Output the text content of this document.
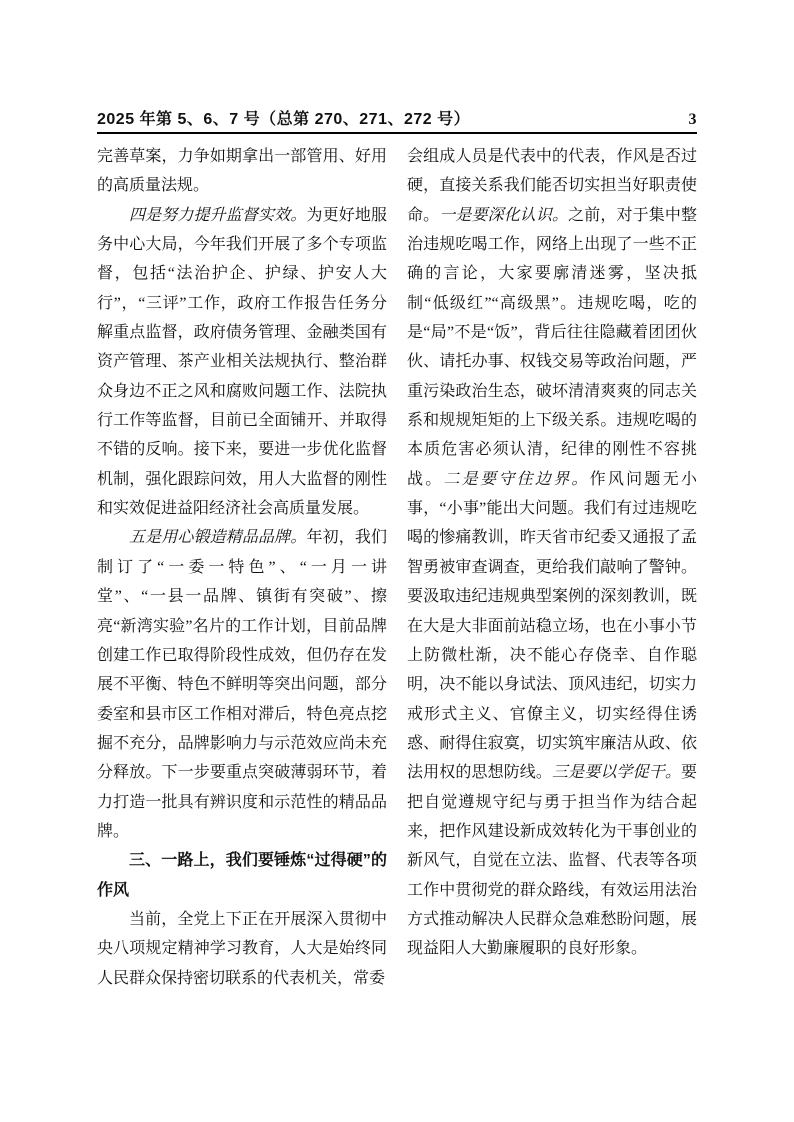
2025 年第 5、6、7 号（总第 270、271、272 号）	3

完善草案，力争如期拿出一部管用、好用的高质量法规。

四是努力提升监督实效。为更好地服务中心大局，今年我们开展了多个专项监督，包括“法治护企、护绿、护安人大行”，“三评”工作，政府工作报告任务分解重点监督，政府债务管理、金融类国有资产管理、茶产业相关法规执行、整治群众身边不正之风和腐败问题工作、法院执行工作等监督，目前已全面铺开、并取得不错的反响。接下来，要进一步优化监督机制，强化跟踪问效，用人大监督的刚性和实效促进益阳经济社会高质量发展。

五是用心锻造精品品牌。年初，我们制订了“一委一特色”、“一月一讲堂”、“一县一品牌、镇街有突破”、擦亮“新湾实验”名片的工作计划，目前品牌创建工作已取得阶段性成效，但仍存在发展不平衡、特色不鲜明等突出问题，部分委室和县市区工作相对滞后，特色亮点挖掘不充分，品牌影响力与示范效应尚未充分释放。下一步要重点突破薄弱环节，着力打造一批具有辨识度和示范性的精品品牌。

三、一路上，我们要锤炼“过得硬”的作风

当前，全党上下正在开展深入贯彻中央八项规定精神学习教育，人大是始终同人民群众保持密切联系的代表机关，常委

会组成人员是代表中的代表，作风是否过硬，直接关系我们能否切实担当好职责使命。一是要深化认识。之前，对于集中整治违规吃喝工作，网络上出现了一些不正确的言论，大家要廓清迷雾，坚决抵制“低级红”“高级黑”。违规吃喝，吃的是“局”不是“饭”，背后往往隐藏着团团伙伙、请托办事、权钱交易等政治问题，严重污染政治生态，破坏清清爽爽的同志关系和规规矩矩的上下级关系。违规吃喝的本质危害必须认清，纪律的刚性不容挑战。二是要守住边界。作风问题无小事，“小事”能出大问题。我们有过违规吃喝的惨痛教训，昨天省市纪委又通报了孟智勇被审查调查，更给我们敲响了警钟。要汲取违纪违规典型案例的深刻教训，既在大是大非面前站稳立场，也在小事小节上防微杜渐，决不能心存侥幸、自作聪明，决不能以身试法、顶风违纪，切实力戒形式主义、官僚主义，切实经得住诱惑、耐得住寂寞，切实筑牢廉洁从政、依法用权的思想防线。三是要以学促干。要把自觉遵规守纪与勇于担当作为结合起来，把作风建设新成效转化为干事创业的新风气，自觉在立法、监督、代表等各项工作中贯彻党的群众路线，有效运用法治方式推动解决人民群众急难愁盼问题，展现益阳人大勤廉履职的良好形象。
